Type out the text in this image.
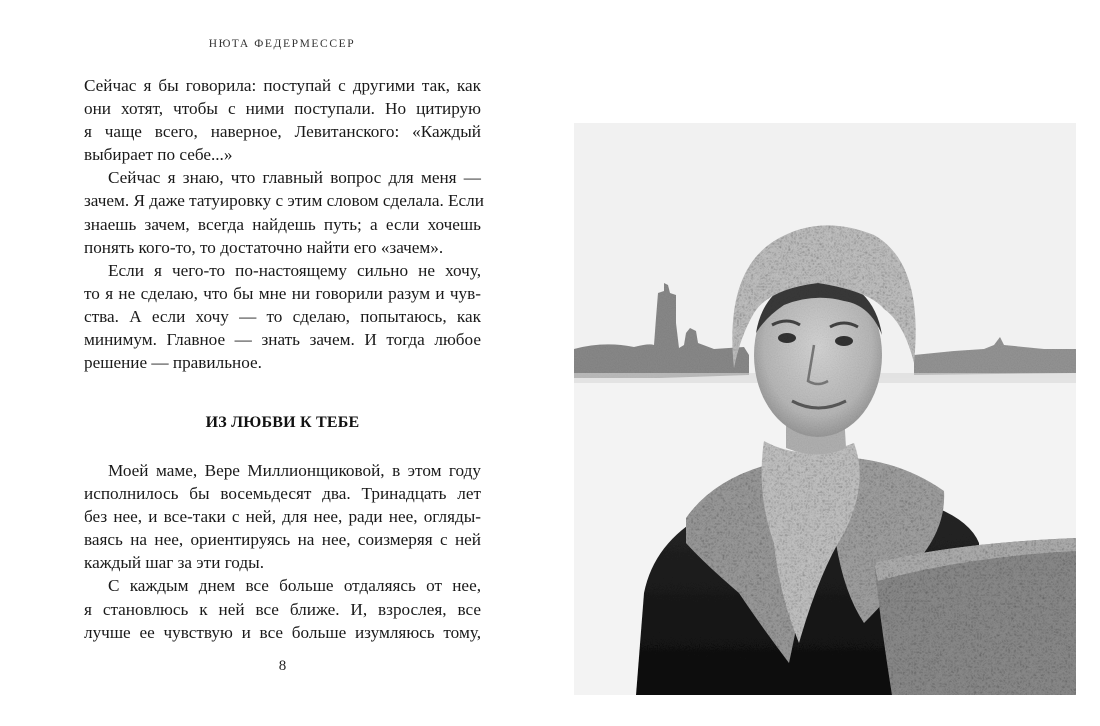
НЮТА ФЕДЕРМЕССЕР

Сейчас я бы говорила: поступай с другими так, как
они хотят, чтобы с ними поступали. Но цитирую
я чаще всего, наверное, Левитанского: «Каждый
выбирает по себе...»

Сейчас я знаю, что главный вопрос для меня —
зачем. Я даже татуировку с этим словом сделала. Если
знаешь зачем, всегда найдешь путь; а если хочешь
понять кого-то, то достаточно найти его «зачем».

Если я чего-то по-настоящему сильно не хочу,
то я не сделаю, что бы мне ни говорили разум и чув-
ства. А если хочу — то сделаю, попытаюсь, как
минимум. Главное — знать зачем. И тогда любое
решение — правильное.

ИЗ ЛЮБВИ К ТЕБЕ

Моей маме, Вере Миллионщиковой, в этом году
исполнилось бы восемьдесят два. Тринадцать лет
без нее, и все-таки с ней, для нее, ради нее, огляды-
ваясь на нее, ориентируясь на нее, соизмеряя с ней
каждый шаг за эти годы.

С каждым днем все больше отдаляясь от нее,
я становлюсь к ней все ближе. И, взрослея, все
лучше ее чувствую и все больше изумляюсь тому,

8
